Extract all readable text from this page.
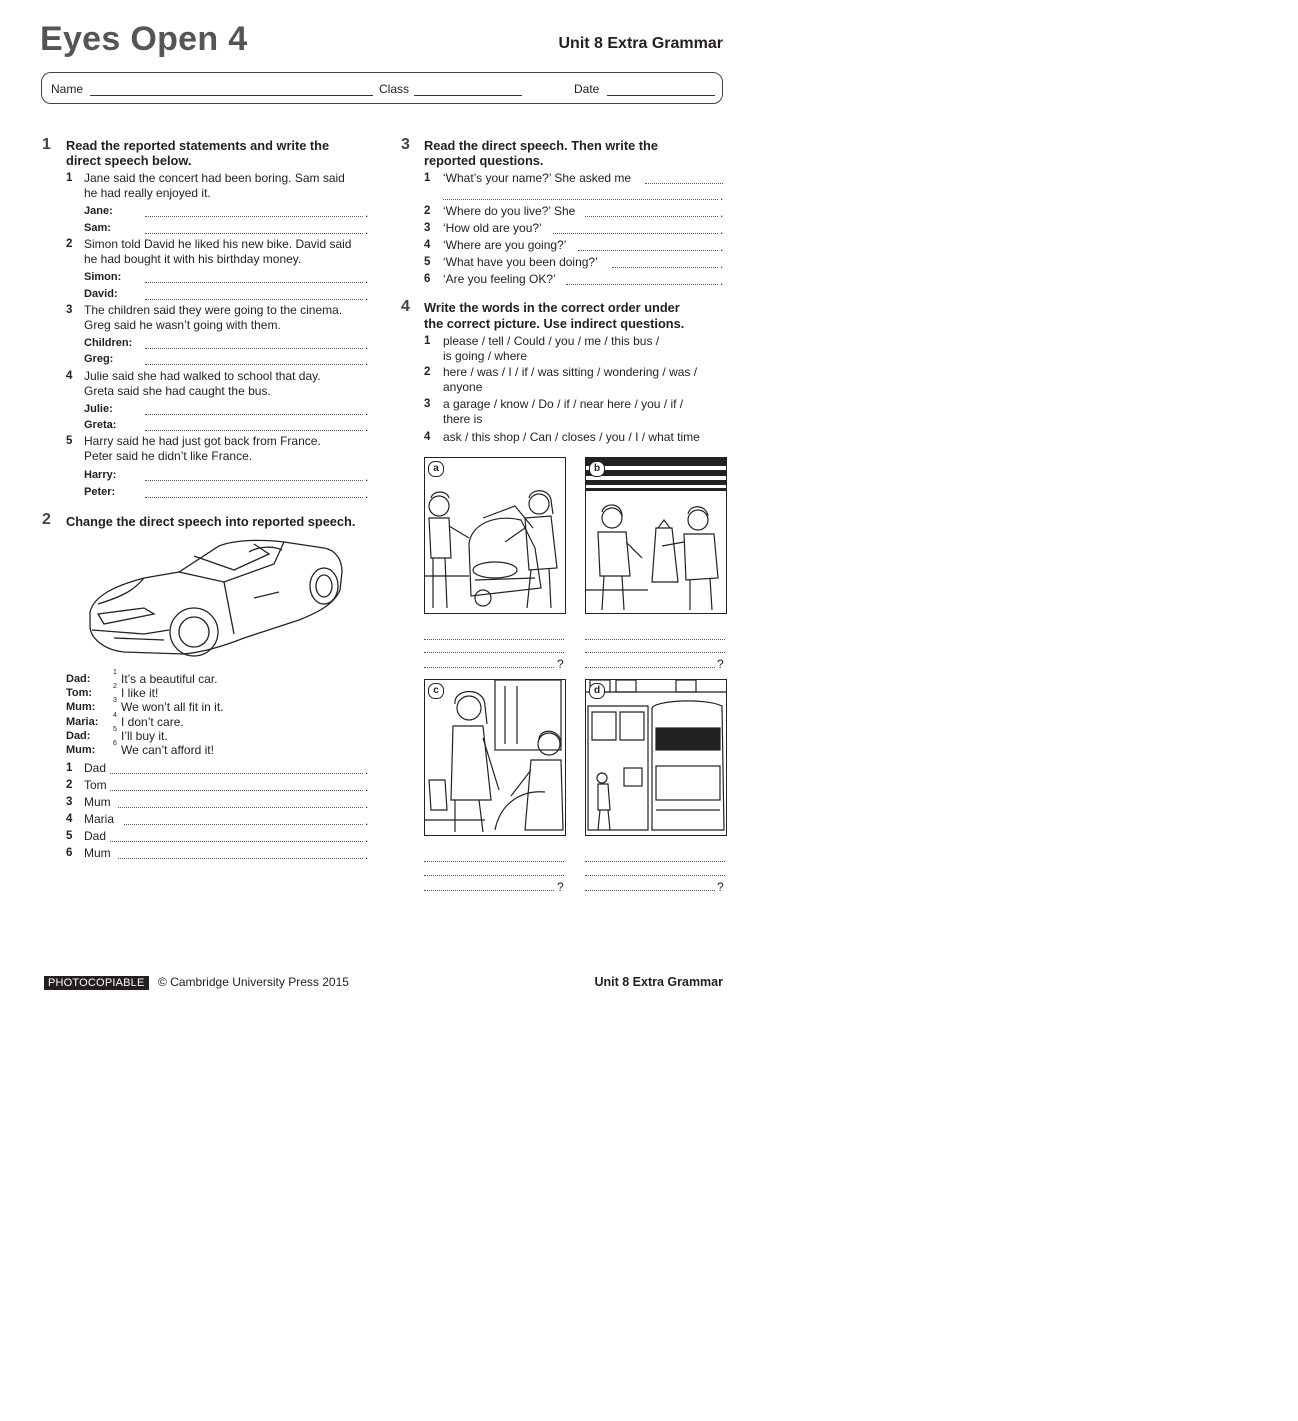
Eyes Open 4	Unit 8 Extra Grammar
Name	Class	Date
1 Read the reported statements and write the
direct speech below.
1 Jane said the concert had been boring. Sam said
he had really enjoyed it.
Jane:	.
Sam:	.
2 Simon told David he liked his new bike. David said
he had bought it with his birthday money.
Simon:	.
David:	.
3 The children said they were going to the cinema.
Greg said he wasn’t going with them.
Children:	.
Greg:	.
4 Julie said she had walked to school that day.
Greta said she had caught the bus.
Julie:	.
Greta:	.
5 Harry said he had just got back from France.
Peter said he didn’t like France.
Harry:	.
Peter:	.
2 Change the direct speech into reported speech.
Dad:
1 It’s a beautiful car.
Tom:
2 I like it!
Mum:
3 We won’t all fit in it.
Maria:
4 I don’t care.
Dad:
5 I’ll buy it.
Mum:
6 We can’t afford it!
1 Dad	.
2 Tom	.
3 Mum	.
4 Maria	.
5 Dad	.
6 Mum	.
3 Read the direct speech. Then write the
reported questions.
1 ‘What’s your name?’ She asked me
.
2 ‘Where do you live?’ She	.
3 ‘How old are you?’	.
4 ‘Where are you going?’	.
5 ‘What have you been doing?’	.
6 ‘Are you feeling OK?’	.
4 Write the words in the correct order under
the correct picture. Use indirect questions.
1 please / tell / Could / you / me / this bus /
is going / where
2 here / was / I / if / was sitting / wondering / was /
anyone
3 a garage / know / Do / if / near here / you / if /
there is
4 ask / this shop / Can / closes / you / I / what time
a	b
?	?
c
518
d
?	?
PHOTOCOPIABLE	© Cambridge University Press 2015	Unit 8 Extra Grammar
